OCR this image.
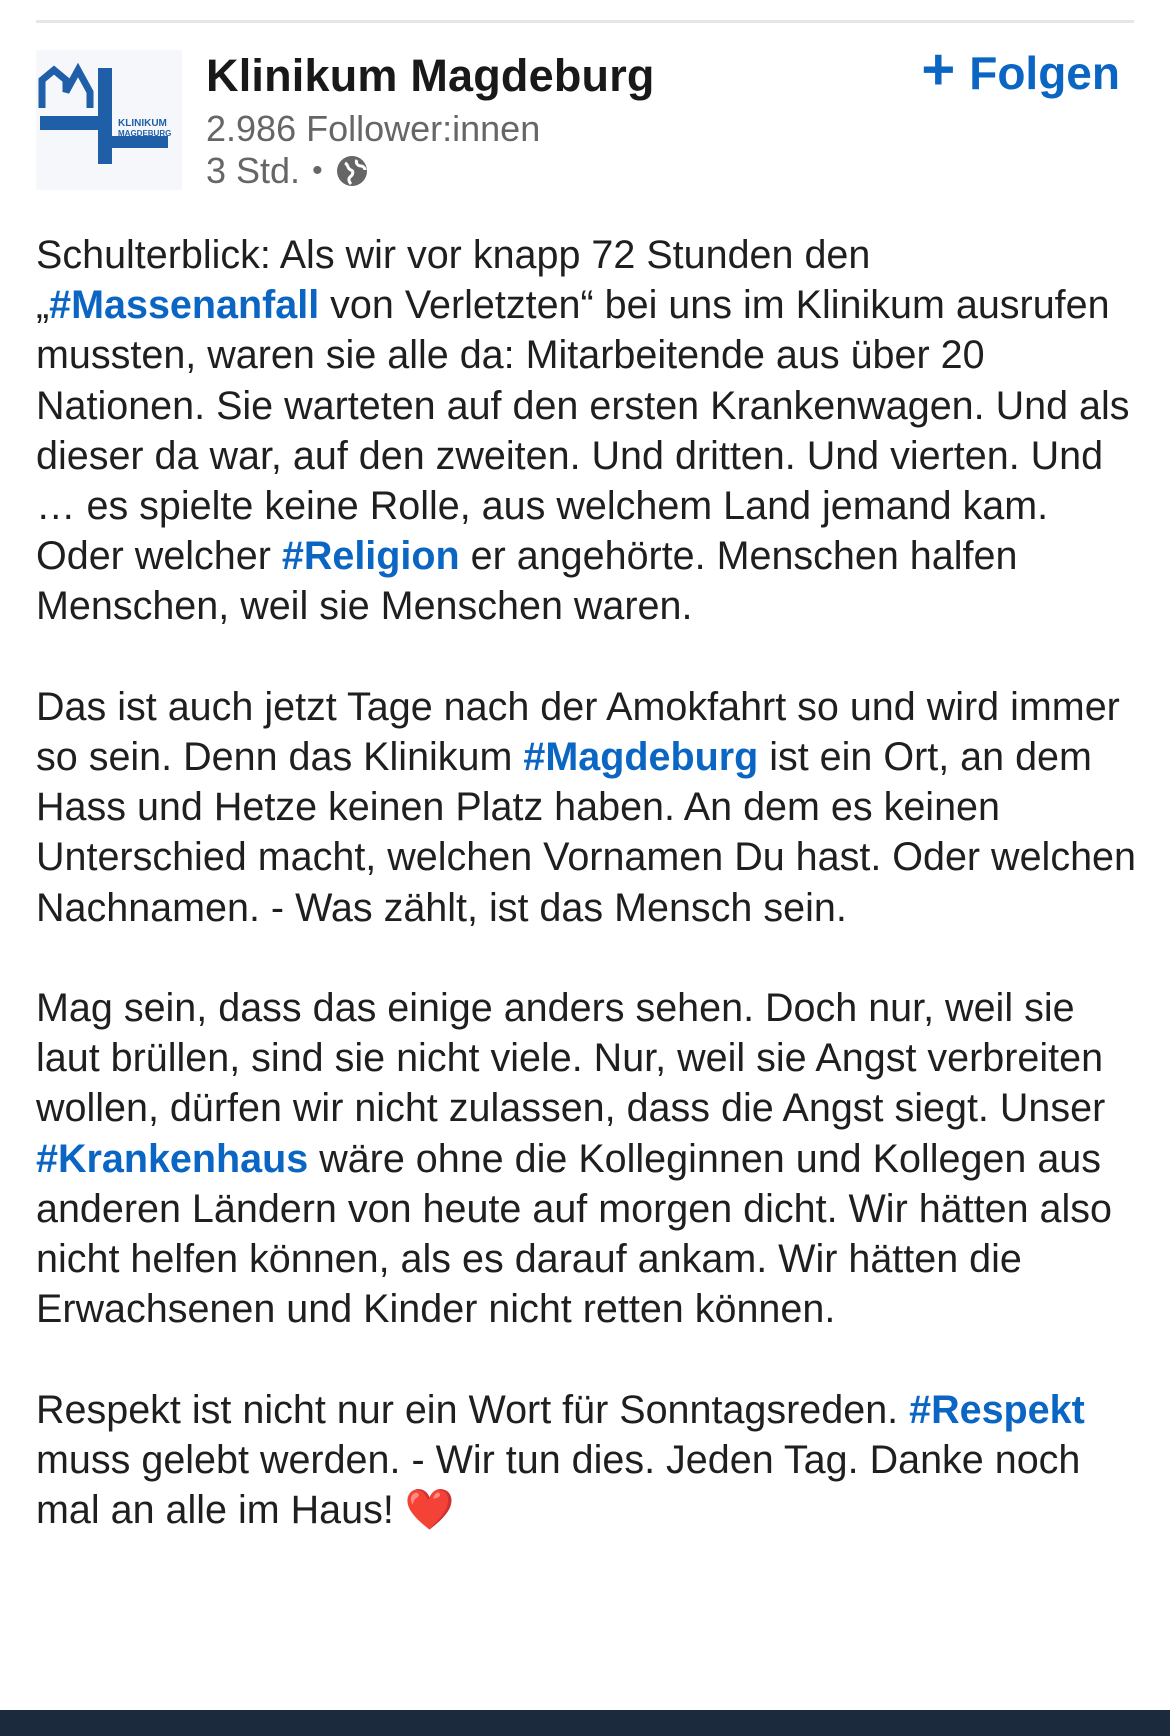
KLINIKUM
MAGDEBURG
Klinikum Magdeburg
2.986 Follower:innen
3 Std. •
+ Folgen

Schulterblick: Als wir vor knapp 72 Stunden den „#Massenanfall von Verletzten“ bei uns im Klinikum ausrufen mussten, waren sie alle da: Mitarbeitende aus über 20 Nationen. Sie warteten auf den ersten Krankenwagen. Und als dieser da war, auf den zweiten. Und dritten. Und vierten. Und … es spielte keine Rolle, aus welchem Land jemand kam. Oder welcher #Religion er angehörte. Menschen halfen Menschen, weil sie Menschen waren.

Das ist auch jetzt Tage nach der Amokfahrt so und wird immer so sein. Denn das Klinikum #Magdeburg ist ein Ort, an dem Hass und Hetze keinen Platz haben. An dem es keinen Unterschied macht, welchen Vornamen Du hast. Oder welchen Nachnamen. - Was zählt, ist das Mensch sein.

Mag sein, dass das einige anders sehen. Doch nur, weil sie laut brüllen, sind sie nicht viele. Nur, weil sie Angst verbreiten wollen, dürfen wir nicht zulassen, dass die Angst siegt. Unser #Krankenhaus wäre ohne die Kolleginnen und Kollegen aus anderen Ländern von heute auf morgen dicht. Wir hätten also nicht helfen können, als es darauf ankam. Wir hätten die Erwachsenen und Kinder nicht retten können.

Respekt ist nicht nur ein Wort für Sonntagsreden. #Respekt muss gelebt werden. - Wir tun dies. Jeden Tag. Danke noch mal an alle im Haus! ❤️
